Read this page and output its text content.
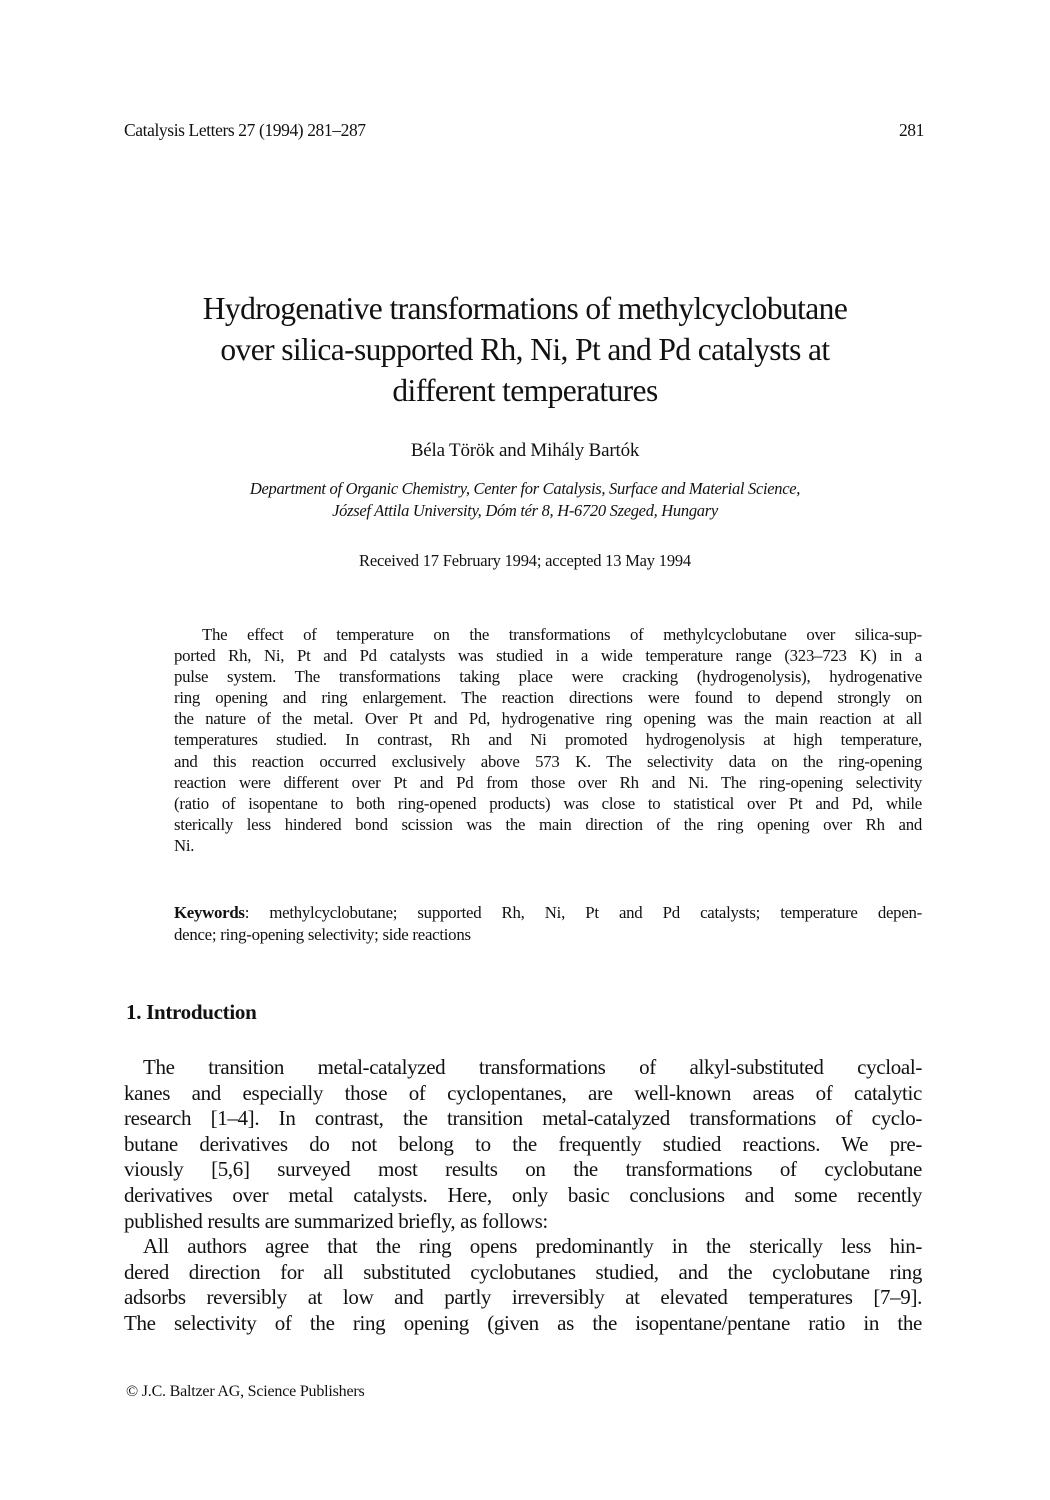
Catalysis Letters 27 (1994) 281–287	281
Hydrogenative transformations of methylcyclobutane
over silica-supported Rh, Ni, Pt and Pd catalysts at
different temperatures
Béla Török and Mihály Bartók
Department of Organic Chemistry, Center for Catalysis, Surface and Material Science,
József Attila University, Dóm tér 8, H-6720 Szeged, Hungary
Received 17 February 1994; accepted 13 May 1994
The effect of temperature on the transformations of methylcyclobutane over silica-sup-
ported Rh, Ni, Pt and Pd catalysts was studied in a wide temperature range (323–723 K) in a
pulse system. The transformations taking place were cracking (hydrogenolysis), hydrogenative
ring opening and ring enlargement. The reaction directions were found to depend strongly on
the nature of the metal. Over Pt and Pd, hydrogenative ring opening was the main reaction at all
temperatures studied. In contrast, Rh and Ni promoted hydrogenolysis at high temperature,
and this reaction occurred exclusively above 573 K. The selectivity data on the ring-opening
reaction were different over Pt and Pd from those over Rh and Ni. The ring-opening selectivity
(ratio of isopentane to both ring-opened products) was close to statistical over Pt and Pd, while
sterically less hindered bond scission was the main direction of the ring opening over Rh and
Ni.
Keywords: methylcyclobutane; supported Rh, Ni, Pt and Pd catalysts; temperature depen-
dence; ring-opening selectivity; side reactions
1. Introduction
The transition metal-catalyzed transformations of alkyl-substituted cycloal-
kanes and especially those of cyclopentanes, are well-known areas of catalytic
research [1–4]. In contrast, the transition metal-catalyzed transformations of cyclo-
butane derivatives do not belong to the frequently studied reactions. We pre-
viously [5,6] surveyed most results on the transformations of cyclobutane
derivatives over metal catalysts. Here, only basic conclusions and some recently
published results are summarized briefly, as follows:
All authors agree that the ring opens predominantly in the sterically less hin-
dered direction for all substituted cyclobutanes studied, and the cyclobutane ring
adsorbs reversibly at low and partly irreversibly at elevated temperatures [7–9].
The selectivity of the ring opening (given as the isopentane/pentane ratio in the
© J.C. Baltzer AG, Science Publishers
